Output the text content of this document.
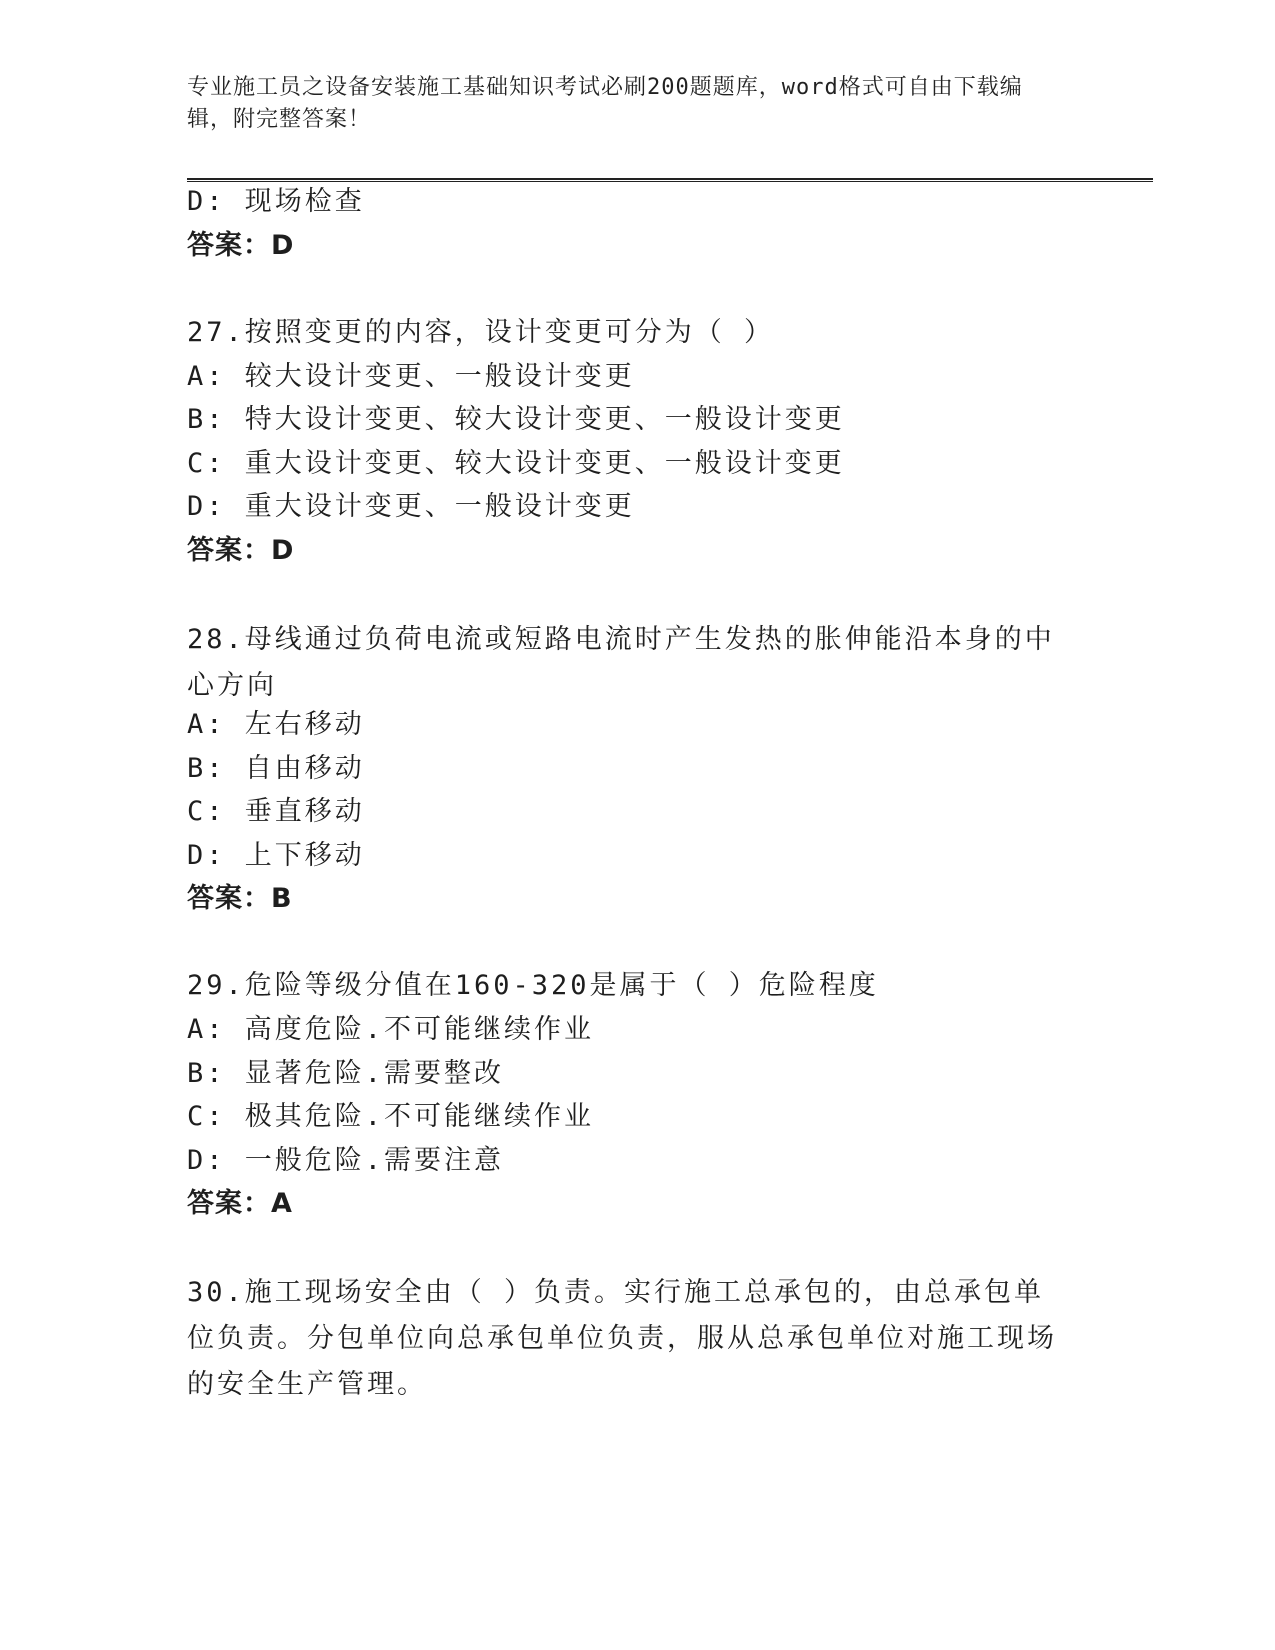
专业施工员之设备安装施工基础知识考试必刷200题题库，word格式可自由下载编辑，附完整答案！
D: 现场检查
答案：D
27.按照变更的内容，设计变更可分为（ ）
A: 较大设计变更、一般设计变更
B: 特大设计变更、较大设计变更、一般设计变更
C: 重大设计变更、较大设计变更、一般设计变更
D: 重大设计变更、一般设计变更
答案：D
28.母线通过负荷电流或短路电流时产生发热的胀伸能沿本身的中心方向
A: 左右移动
B: 自由移动
C: 垂直移动
D: 上下移动
答案：B
29.危险等级分值在160-320是属于（ ）危险程度
A: 高度危险.不可能继续作业
B: 显著危险.需要整改
C: 极其危险.不可能继续作业
D: 一般危险.需要注意
答案：A
30.施工现场安全由（ ）负责。实行施工总承包的，由总承包单位负责。分包单位向总承包单位负责，服从总承包单位对施工现场的安全生产管理。
